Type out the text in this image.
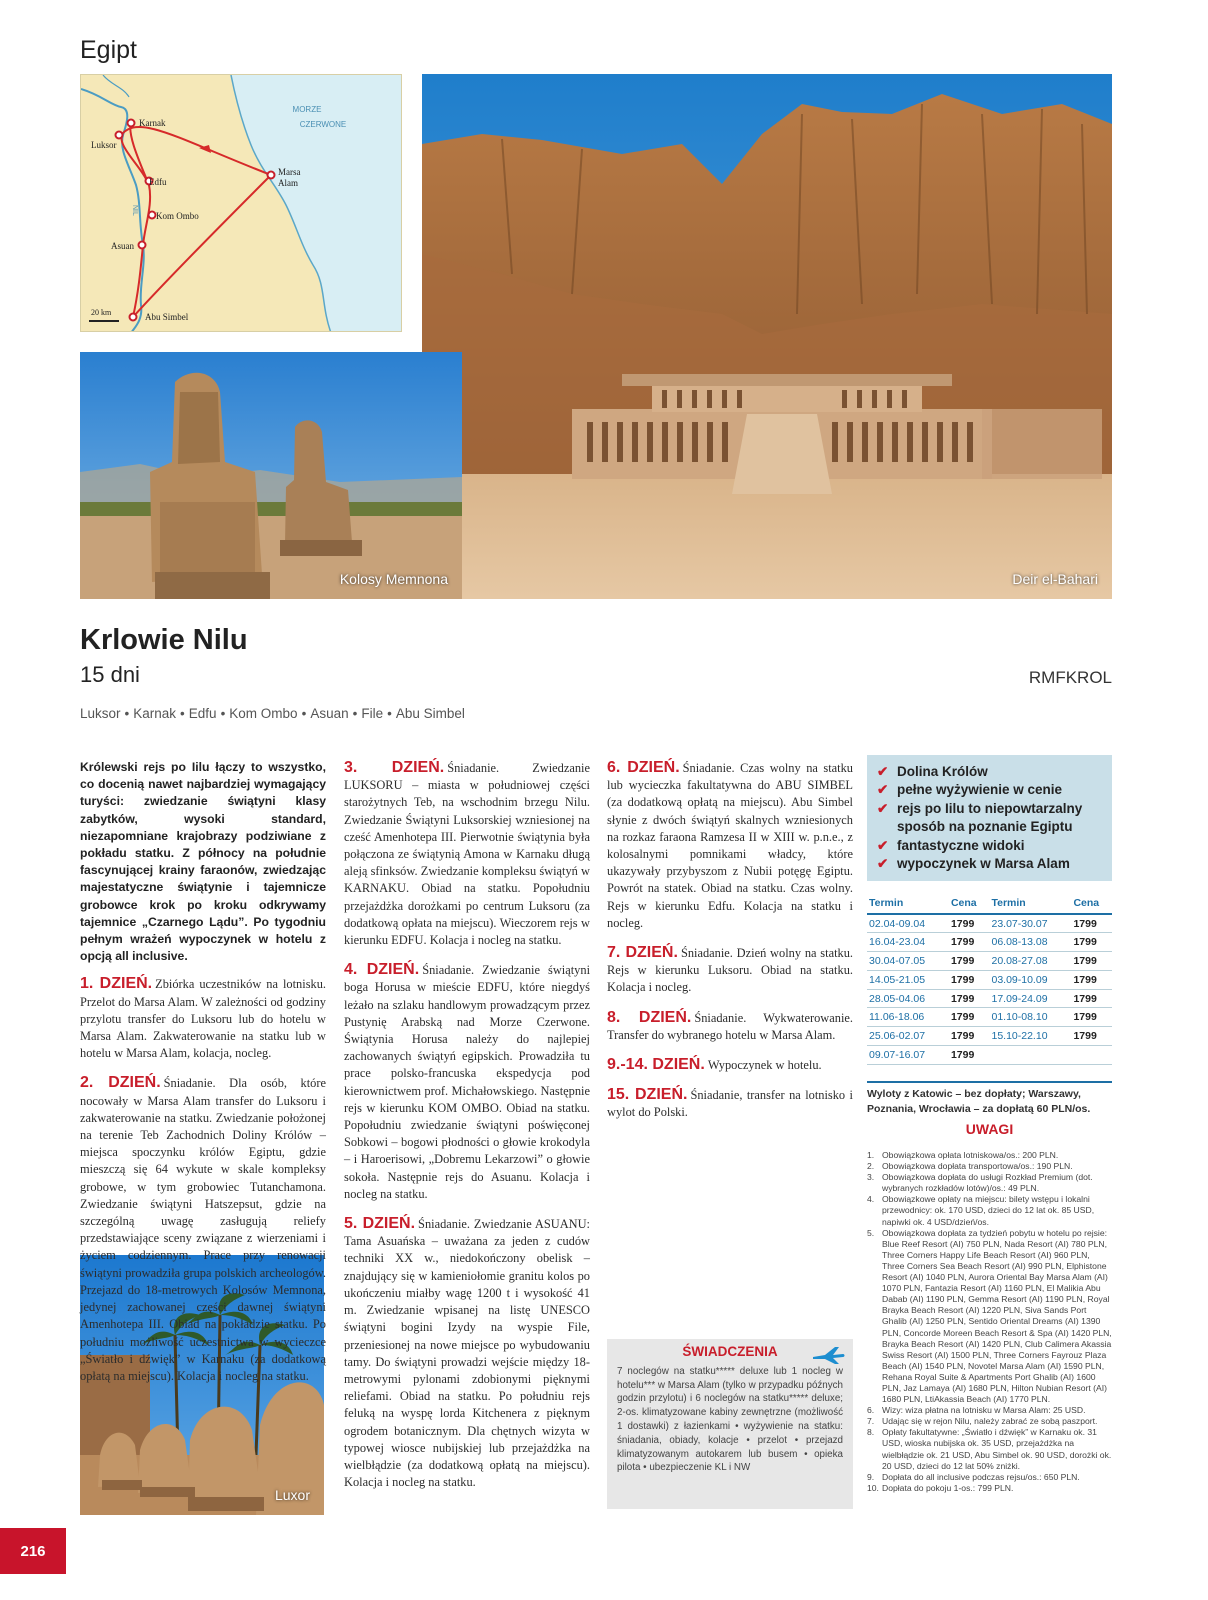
Egipt
MORZE
CZERWONE
NIL
Karnak
Luksor
Edfu
Kom Ombo
Asuan
Abu Simbel
Marsa
Alam
20 km
Deir el-Bahari
Kolosy Memnona
Luxor
Krlowie Nilu
15 dni	RMFKROL
Luksor • Karnak • Edfu • Kom Ombo • Asuan • File • Abu Simbel
Królewski rejs po Iilu łączy to wszystko, co docenią nawet najbardziej wymagający turyści: zwiedzanie świątyni klasy zabytków, wysoki standard, niezapomniane krajobrazy podziwiane z pokładu statku. Z północy na południe fascynującej krainy faraonów, zwiedzając majestatyczne świątynie i tajemnicze grobowce krok po kroku odkrywamy tajemnice „Czarnego Lądu”. Po tygodniu pełnym wrażeń wypoczynek w hotelu z opcją all inclusive.
1. DZIEŃ. Zbiórka uczestników na lotnisku. Przelot do Marsa Alam. W zależności od godziny przylotu transfer do Luksoru lub do hotelu w Marsa Alam. Zakwaterowanie na statku lub w hotelu w Marsa Alam, kolacja, nocleg.
2. DZIEŃ. Śniadanie. Dla osób, które nocowały w Marsa Alam transfer do Luksoru i zakwaterowanie na statku. Zwiedzanie położonej na terenie Teb Zachodnich Doliny Królów – miejsca spoczynku królów Egiptu, gdzie mieszczą się 64 wykute w skale kompleksy grobowe, w tym grobowiec Tutanchamona. Zwiedzanie świątyni Hatszepsut, gdzie na szczególną uwagę zasługują reliefy przedstawiające sceny związane z wierzeniami i życiem codziennym. Prace przy renowacji świątyni prowadziła grupa polskich archeologów. Przejazd do 18-metrowych Kolosów Memnona, jedynej zachowanej części dawnej świątyni Amenhotepa III. Obiad na pokładzie statku. Po południu możliwość uczestnictwa w wycieczce „Światło i dźwięk” w Karnaku (za dodatkową opłatą na miejscu). Kolacja i nocleg na statku.
3. DZIEŃ. Śniadanie. Zwiedzanie LUKSORU – miasta w południowej części starożytnych Teb, na wschodnim brzegu Nilu. Zwiedzanie Świątyni Luksorskiej wzniesionej na cześć Amenhotepa III. Pierwotnie świątynia była połączona ze świątynią Amona w Karnaku długą aleją sfinksów. Zwiedzanie kompleksu świątyń w KARNAKU. Obiad na statku. Popołudniu przejażdżka dorożkami po centrum Luksoru (za dodatkową opłata na miejscu). Wieczorem rejs w kierunku EDFU. Kolacja i nocleg na statku.
4. DZIEŃ. Śniadanie. Zwiedzanie świątyni boga Horusa w mieście EDFU, które niegdyś leżało na szlaku handlowym prowadzącym przez Pustynię Arabską nad Morze Czerwone. Świątynia Horusa należy do najlepiej zachowanych świątyń egipskich. Prowadziła tu prace polsko-francuska ekspedycja pod kierownictwem prof. Michałowskiego. Następnie rejs w kierunku KOM OMBO. Obiad na statku. Popołudniu zwiedzanie świątyni poświęconej Sobkowi – bogowi płodności o głowie krokodyla – i Haroerisowi, „Dobremu Lekarzowi” o głowie sokoła. Następnie rejs do Asuanu. Kolacja i nocleg na statku.
5. DZIEŃ. Śniadanie. Zwiedzanie ASUANU: Tama Asuańska – uważana za jeden z cudów techniki XX w., niedokończony obelisk – znajdujący się w kamieniołomie granitu kolos po ukończeniu miałby wagę 1200 t i wysokość 41 m. Zwiedzanie wpisanej na listę UNESCO świątyni bogini Izydy na wyspie File, przeniesionej na nowe miejsce po wybudowaniu tamy. Do świątyni prowadzi wejście między 18-metrowymi pylonami zdobionymi pięknymi reliefami. Obiad na statku. Po południu rejs feluką na wyspę lorda Kitchenera z pięknym ogrodem botanicznym. Dla chętnych wizyta w typowej wiosce nubijskiej lub przejażdżka na wielbłądzie (za dodatkową opłatą na miejscu). Kolacja i nocleg na statku.
6. DZIEŃ. Śniadanie. Czas wolny na statku lub wycieczka fakultatywna do ABU SIMBEL (za dodatkową opłatą na miejscu). Abu Simbel słynie z dwóch świątyń skalnych wzniesionych na rozkaz faraona Ramzesa II w XIII w. p.n.e., z kolosalnymi pomnikami władcy, które ukazywały przybyszom z Nubii potęgę Egiptu. Powrót na statek. Obiad na statku. Czas wolny. Rejs w kierunku Edfu. Kolacja na statku i nocleg.
7. DZIEŃ. Śniadanie. Dzień wolny na statku. Rejs w kierunku Luksoru. Obiad na statku. Kolacja i nocleg.
8. DZIEŃ. Śniadanie. Wykwaterowanie. Transfer do wybranego hotelu w Marsa Alam.
9.-14. DZIEŃ. Wypoczynek w hotelu.
15. DZIEŃ. Śniadanie, transfer na lotnisko i wylot do Polski.
ŚWIADCZENIA
7 noclegów na statku***** deluxe lub 1 nocleg w hotelu*** w Marsa Alam (tylko w przypadku późnych godzin przylotu) i 6 noclegów na statku***** deluxe; 2-os. klimatyzowane kabiny zewnętrzne (możliwość 1 dostawki) z łazienkami • wyżywienie na statku: śniadania, obiady, kolacje • przelot • przejazd klimatyzowanym autokarem lub busem • opieka pilota • ubezpieczenie KL i NW
✔ Dolina Królów
✔ pełne wyżywienie w cenie
✔ rejs po Iilu to niepowtarzalny sposób na poznanie Egiptu
✔ fantastyczne widoki
✔ wypoczynek w Marsa Alam
Termin	Cena	Termin	Cena
02.04-09.04	1799	23.07-30.07	1799
16.04-23.04	1799	06.08-13.08	1799
30.04-07.05	1799	20.08-27.08	1799
14.05-21.05	1799	03.09-10.09	1799
28.05-04.06	1799	17.09-24.09	1799
11.06-18.06	1799	01.10-08.10	1799
25.06-02.07	1799	15.10-22.10	1799
09.07-16.07	1799		
Wyloty z Katowic – bez dopłaty; Warszawy, Poznania, Wrocławia – za dopłatą 60 PLN/os.
UWAGI
1. Obowiązkowa opłata lotniskowa/os.: 200 PLN.
2. Obowiązkowa dopłata transportowa/os.: 190 PLN.
3. Obowiązkowa dopłata do usługi Rozkład Premium (dot. wybranych rozkładów lotów)/os.: 49 PLN.
4. Obowiązkowe opłaty na miejscu: bilety wstępu i lokalni przewodnicy: ok. 170 USD, dzieci do 12 lat ok. 85 USD, napiwki ok. 4 USD/dzień/os.
5. Obowiązkowa dopłata za tydzień pobytu w hotelu po rejsie: Blue Reef Resort (AI) 750 PLN, Nada Resort (AI) 780 PLN, Three Corners Happy Life Beach Resort (AI) 960 PLN, Three Corners Sea Beach Resort (AI) 990 PLN, Elphistone Resort (AI) 1040 PLN, Aurora Oriental Bay Marsa Alam (AI) 1070 PLN, Fantazia Resort (AI) 1160 PLN, El Malikia Abu Dabab (AI) 1190 PLN, Gemma Resort (AI) 1190 PLN, Royal Brayka Beach Resort (AI) 1220 PLN, Siva Sands Port Ghalib (AI) 1250 PLN, Sentido Oriental Dreams (AI) 1390 PLN, Concorde Moreen Beach Resort & Spa (AI) 1420 PLN, Brayka Beach Resort (AI) 1420 PLN, Club Calimera Akassia Swiss Resort (AI) 1500 PLN, Three Corners Fayrouz Plaza Beach (AI) 1540 PLN, Novotel Marsa Alam (AI) 1590 PLN, Rehana Royal Suite & Apartments Port Ghalib (AI) 1600 PLN, Jaz Lamaya (AI) 1680 PLN, Hilton Nubian Resort (AI) 1680 PLN, LtiAkassia Beach (AI) 1770 PLN.
6. Wizy: wiza płatna na lotnisku w Marsa Alam: 25 USD.
7. Udając się w rejon Nilu, należy zabrać ze sobą paszport.
8. Opłaty fakultatywne: „Światło i dźwięk” w Karnaku ok. 31 USD, wioska nubijska ok. 35 USD, przejażdżka na wielbłądzie ok. 21 USD, Abu Simbel ok. 90 USD, dorożki ok. 20 USD, dzieci do 12 lat 50% zniżki.
9. Dopłata do all inclusive podczas rejsu/os.: 650 PLN.
10. Dopłata do pokoju 1-os.: 799 PLN.
216
